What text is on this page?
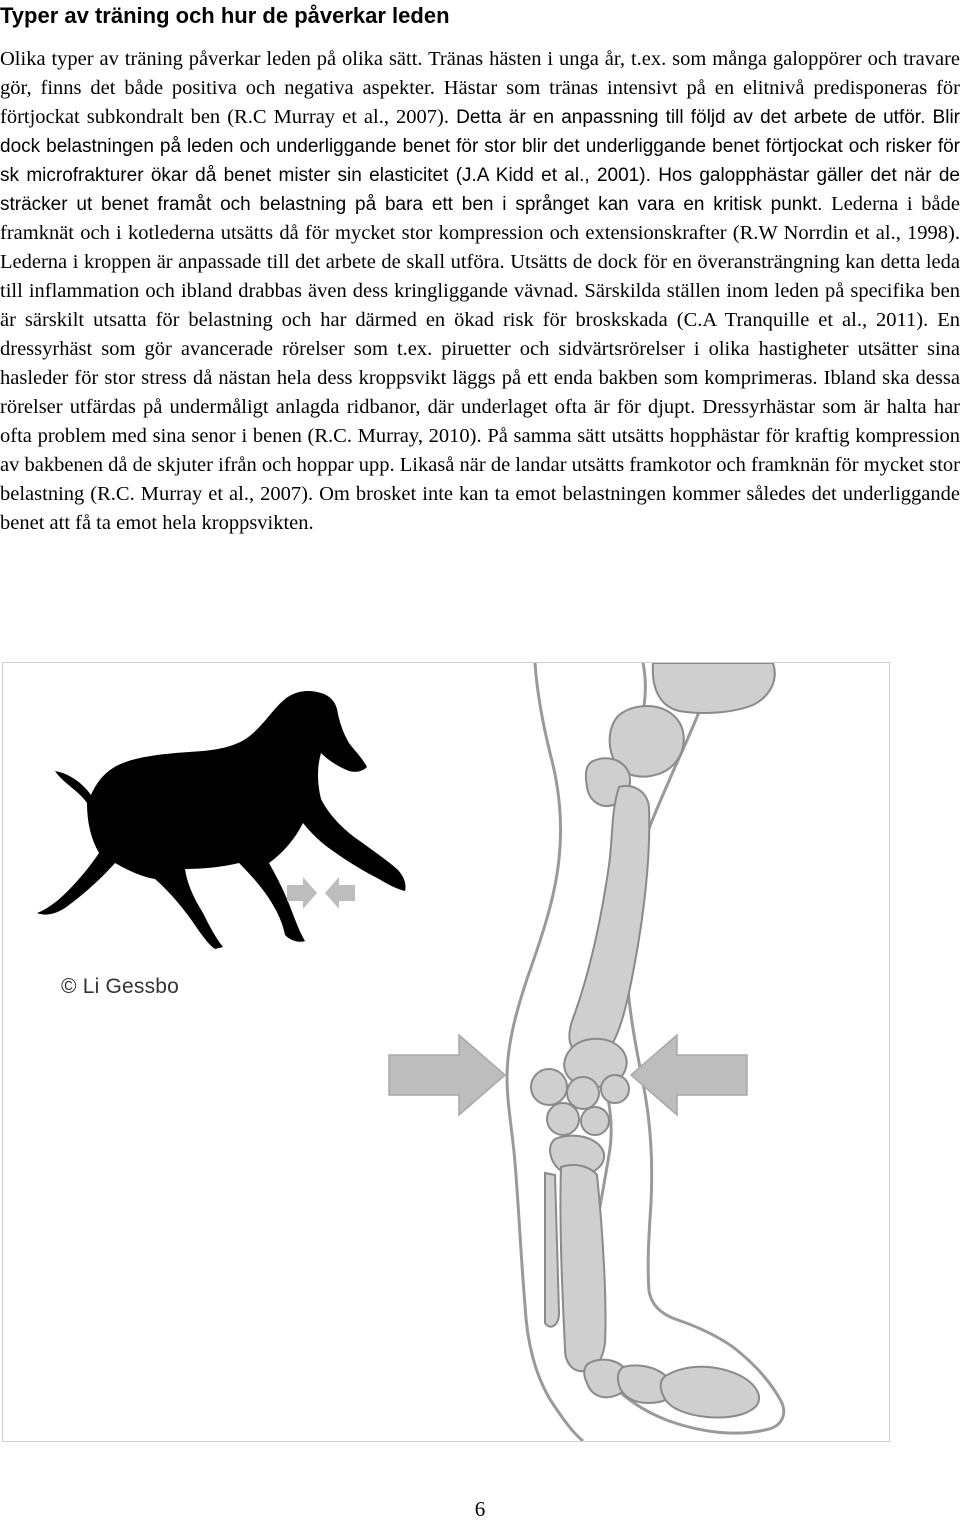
Typer av träning och hur de påverkar leden

Olika typer av träning påverkar leden på olika sätt. Tränas hästen i unga år, t.ex. som många galoppörer och travare gör, finns det både positiva och negativa aspekter. Hästar som tränas intensivt på en elitnivå predisponeras för förtjockat subkondralt ben (R.C Murray et al., 2007). Detta är en anpassning till följd av det arbete de utför. Blir dock belastningen på leden och underliggande benet för stor blir det underliggande benet förtjockat och risker för sk microfrakturer ökar då benet mister sin elasticitet (J.A Kidd et al., 2001). Hos galopphästar gäller det när de sträcker ut benet framåt och belastning på bara ett ben i språnget kan vara en kritisk punkt. Lederna i både framknät och i kotlederna utsätts då för mycket stor kompression och extensionskrafter (R.W Norrdin et al., 1998). Lederna i kroppen är anpassade till det arbete de skall utföra. Utsätts de dock för en överansträngning kan detta leda till inflammation och ibland drabbas även dess kringliggande vävnad. Särskilda ställen inom leden på specifika ben är särskilt utsatta för belastning och har därmed en ökad risk för broskskada (C.A Tranquille et al., 2011). En dressyrhäst som gör avancerade rörelser som t.ex. piruetter och sidvärtsrörelser i olika hastigheter utsätter sina hasleder för stor stress då nästan hela dess kroppsvikt läggs på ett enda bakben som komprimeras. Ibland ska dessa rörelser utfärdas på undermåligt anlagda ridbanor, där underlaget ofta är för djupt. Dressyrhästar som är halta har ofta problem med sina senor i benen (R.C. Murray, 2010). På samma sätt utsätts hopphästar för kraftig kompression av bakbenen då de skjuter ifrån och hoppar upp. Likaså när de landar utsätts framkotor och framknän för mycket stor belastning (R.C. Murray et al., 2007). Om brosket inte kan ta emot belastningen kommer således det underliggande benet att få ta emot hela kroppsvikten.

© Li Gessbo
6
